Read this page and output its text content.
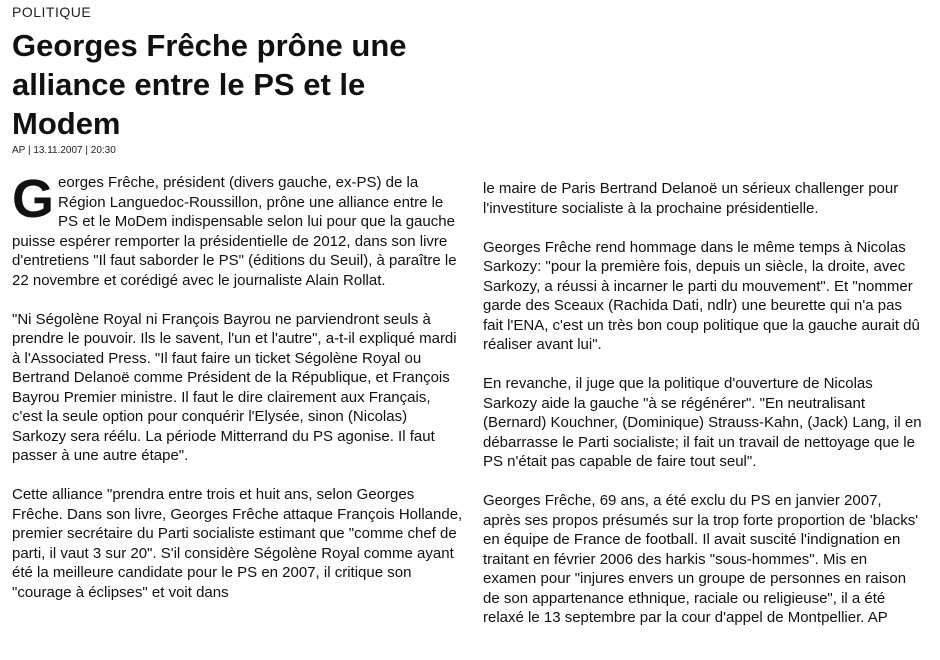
POLITIQUE
Georges Frêche prône une alliance entre le PS et le Modem
AP | 13.11.2007 | 20:30

Georges Frêche, président (divers gauche, ex-PS) de la Région Languedoc-Roussillon, prône une alliance entre le PS et le MoDem indispensable selon lui pour que la gauche puisse espérer remporter la présidentielle de 2012, dans son livre d'entretiens "Il faut saborder le PS" (éditions du Seuil), à paraître le 22 novembre et corédigé avec le journaliste Alain Rollat.

"Ni Ségolène Royal ni François Bayrou ne parviendront seuls à prendre le pouvoir. Ils le savent, l'un et l'autre", a-t-il expliqué mardi à l'Associated Press. "Il faut faire un ticket Ségolène Royal ou Bertrand Delanoë comme Président de la République, et François Bayrou Premier ministre. Il faut le dire clairement aux Français, c'est la seule option pour conquérir l'Elysée, sinon (Nicolas) Sarkozy sera réélu. La période Mitterrand du PS agonise. Il faut passer à une autre étape".

Cette alliance "prendra entre trois et huit ans, selon Georges Frêche. Dans son livre, Georges Frêche attaque François Hollande, premier secrétaire du Parti socialiste estimant que "comme chef de parti, il vaut 3 sur 20". S'il considère Ségolène Royal comme ayant été la meilleure candidate pour le PS en 2007, il critique son "courage à éclipses" et voit dans

le maire de Paris Bertrand Delanoë un sérieux challenger pour l'investiture socialiste à la prochaine présidentielle.

Georges Frêche rend hommage dans le même temps à Nicolas Sarkozy: "pour la première fois, depuis un siècle, la droite, avec Sarkozy, a réussi à incarner le parti du mouvement". Et "nommer garde des Sceaux (Rachida Dati, ndlr) une beurette qui n'a pas fait l'ENA, c'est un très bon coup politique que la gauche aurait dû réaliser avant lui".

En revanche, il juge que la politique d'ouverture de Nicolas Sarkozy aide la gauche "à se régénérer". "En neutralisant (Bernard) Kouchner, (Dominique) Strauss-Kahn, (Jack) Lang, il en débarrasse le Parti socialiste; il fait un travail de nettoyage que le PS n'était pas capable de faire tout seul".

Georges Frêche, 69 ans, a été exclu du PS en janvier 2007, après ses propos présumés sur la trop forte proportion de 'blacks' en équipe de France de football. Il avait suscité l'indignation en traitant en février 2006 des harkis "sous-hommes". Mis en examen pour "injures envers un groupe de personnes en raison de son appartenance ethnique, raciale ou religieuse", il a été relaxé le 13 septembre par la cour d'appel de Montpellier. AP
